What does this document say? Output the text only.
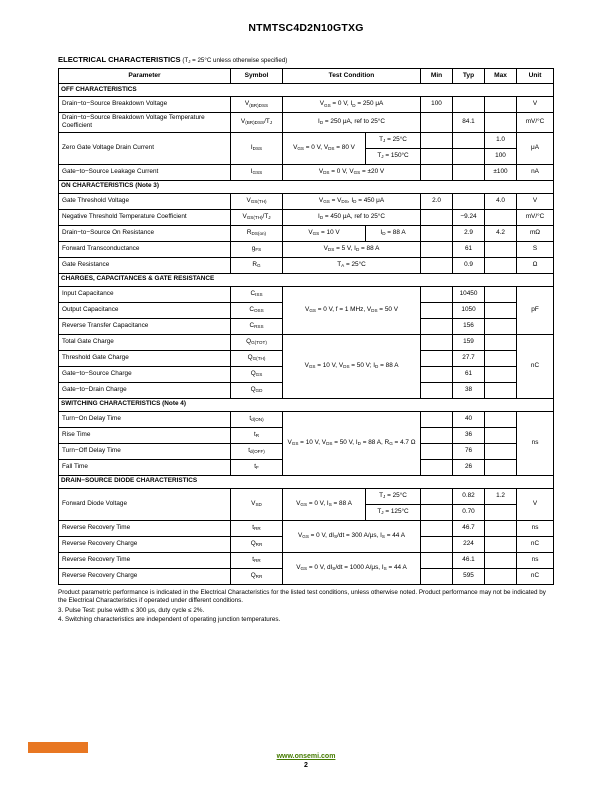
NTMTSC4D2N10GTXG
ELECTRICAL CHARACTERISTICS ($T_J = 25^\circ C$ unless otherwise specified)
Parameter	Symbol	Test Condition		Min	Typ	Max	Unit
OFF CHARACTERISTICS							
Drain−to−Source Breakdown Voltage	$V_{(BR)DSS}$	$V_{GS} = 0$ V, $I_D = 250$ μA		100			V
Drain−to−Source Breakdown Voltage Temperature Coefficient	$V_{(BR)DSS}/T_J$	$I_D = 250$ μA, ref to 25°C			84.1		mV/°C
Zero Gate Voltage Drain Current	$I_{DSS}$	$V_{GS} = 0$ V, $V_{DS} = 80$ V	$T_J = 25^\circ C$			1.0	μA
			$T_J = 150^\circ C$			100	
Gate−to−Source Leakage Current	$I_{GSS}$	$V_{DS} = 0$ V, $V_{GS} = \pm 20$ V				±100	nA
ON CHARACTERISTICS (Note 3)							
Gate Threshold Voltage	$V_{GS(TH)}$	$V_{GS} = V_{DS}$, $I_D = 450$ μA		2.0		4.0	V
Negative Threshold Temperature Coefficient	$V_{GS(TH)}/T_J$	$I_D = 450$ μA, ref to 25°C			−9.24		mV/°C
Drain−to−Source On Resistance	$R_{DS(on)}$	$V_{GS} = 10$ V	$I_D = 88$ A		2.9	4.2	mΩ
Forward Transconductance	$g_{FS}$	$V_{DS} = 5$ V, $I_D = 88$ A			61		S
Gate Resistance	$R_G$	$T_A = 25^\circ C$			0.9		Ω
CHARGES, CAPACITANCES & GATE RESISTANCE							
Input Capacitance	$C_{ISS}$	$V_{GS} = 0$ V, f = 1 MHz, $V_{DS} = 50$ V			10450		pF
Output Capacitance	$C_{OSS}$				1050		
Reverse Transfer Capacitance	$C_{RSS}$				156		
Total Gate Charge	$Q_{G(TOT)}$	$V_{GS} = 10$ V, $V_{DS} = 50$ V; $I_D = 88$ A			159		nC
Threshold Gate Charge	$Q_{G(TH)}$				27.7		
Gate−to−Source Charge	$Q_{GS}$				61		
Gate−to−Drain Charge	$Q_{GD}$				38		
SWITCHING CHARACTERISTICS (Note 4)							
Turn−On Delay Time	$t_{d(ON)}$	$V_{GS} = 10$ V, $V_{DS} = 50$ V, $I_D = 88$ A, $R_G = 4.7$ Ω			40		ns
Rise Time	$t_R$				36		
Turn−Off Delay Time	$t_{d(OFF)}$				76		
Fall Time	$t_F$				26		
DRAIN−SOURCE DIODE CHARACTERISTICS							
Forward Diode Voltage	$V_{SD}$	$V_{GS} = 0$ V, $I_S = 88$ A	$T_J = 25^\circ C$		0.82	1.2	V
			$T_J = 125^\circ C$		0.70		
Reverse Recovery Time	$t_{RR}$	$V_{GS} = 0$ V, $dI_S/dt = 300$ A/μs, $I_S = 44$ A			46.7		ns
Reverse Recovery Charge	$Q_{RR}$				224		nC
Reverse Recovery Time	$t_{RR}$	$V_{GS} = 0$ V, $dI_S/dt = 1000$ A/μs, $I_S = 44$ A			46.1		ns
Reverse Recovery Charge	$Q_{RR}$				595		nC
Product parametric performance is indicated in the Electrical Characteristics for the listed test conditions, unless otherwise noted. Product performance may not be indicated by the Electrical Characteristics if operated under different conditions.
3. Pulse Test: pulse width ≤ 300 μs, duty cycle ≤ 2%.
4. Switching characteristics are independent of operating junction temperatures.
www.onsemi.com
2
